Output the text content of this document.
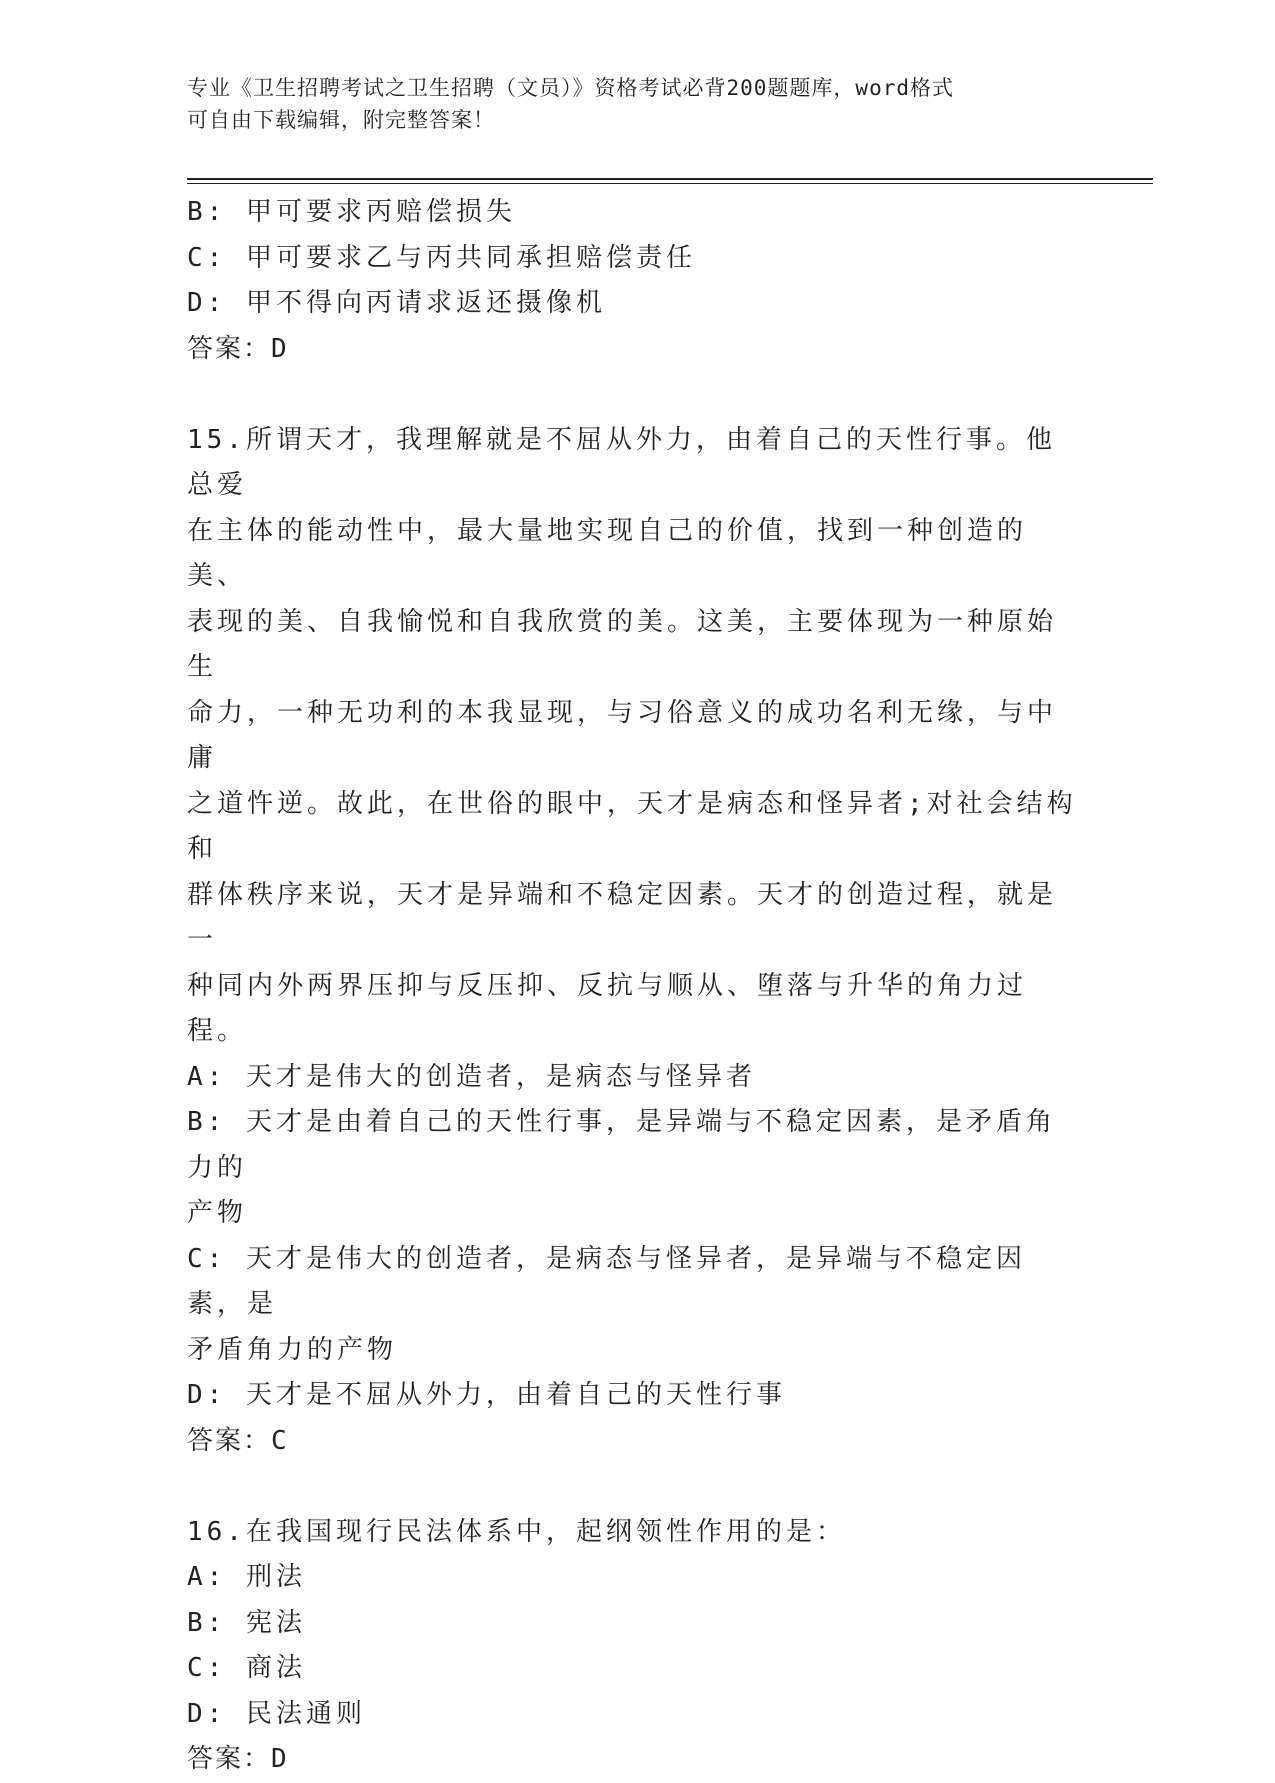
专业《卫生招聘考试之卫生招聘（文员）》资格考试必背200题题库，word格式
可自由下载编辑，附完整答案！
B: 甲可要求丙赔偿损失
C: 甲可要求乙与丙共同承担赔偿责任
D: 甲不得向丙请求返还摄像机
答案：D
15.所谓天才，我理解就是不屈从外力，由着自己的天性行事。他总爱
在主体的能动性中，最大量地实现自己的价值，找到一种创造的美、
表现的美、自我愉悦和自我欣赏的美。这美，主要体现为一种原始生
命力，一种无功利的本我显现，与习俗意义的成功名利无缘，与中庸
之道忤逆。故此，在世俗的眼中，天才是病态和怪异者;对社会结构和
群体秩序来说，天才是异端和不稳定因素。天才的创造过程，就是一
种同内外两界压抑与反压抑、反抗与顺从、堕落与升华的角力过程。
A: 天才是伟大的创造者，是病态与怪异者
B: 天才是由着自己的天性行事，是异端与不稳定因素，是矛盾角力的
产物
C: 天才是伟大的创造者，是病态与怪异者，是异端与不稳定因素，是
矛盾角力的产物
D: 天才是不屈从外力，由着自己的天性行事
答案：C
16.在我国现行民法体系中，起纲领性作用的是：
A: 刑法
B: 宪法
C: 商法
D: 民法通则
答案：D
